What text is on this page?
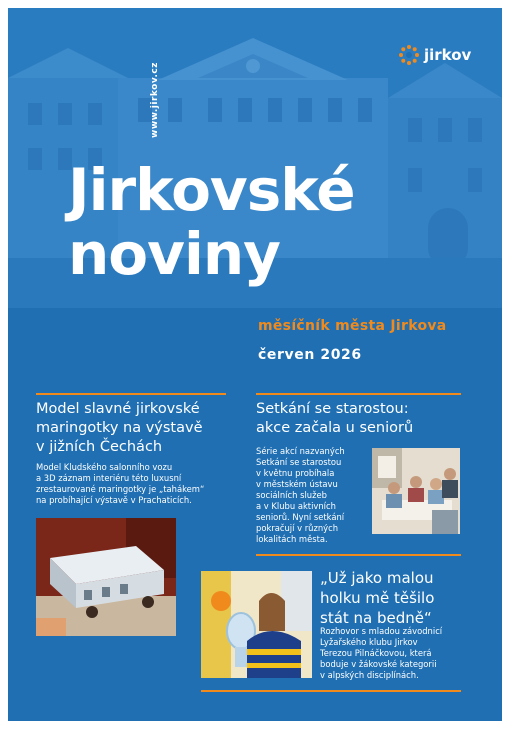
www.jirkov.cz
jirkov
Jirkovské
noviny
měsíčník města Jirkova
červen 2026
Model slavné jirkovské
maringotky na výstavě
v jižních Čechách
Model Kludského salonního vozu
a 3D záznam interiéru této luxusní
zrestaurované maringotky je „tahákem“
na probíhající výstavě v Prachaticích.
Setkání se starostou:
akce začala u seniorů
Série akcí nazvaných
Setkání se starostou
v květnu probíhala
v městském ústavu
sociálních služeb
a v Klubu aktivních
seniorů. Nyní setkání
pokračují v různých
lokalitách města.
„Už jako malou
holku mě těšilo
stát na bedně“
Rozhovor s mladou závodnicí
Lyžařského klubu Jirkov
Terezou Pilnáčkovou, která
boduje v žákovské kategorii
v alpských disciplínách.
